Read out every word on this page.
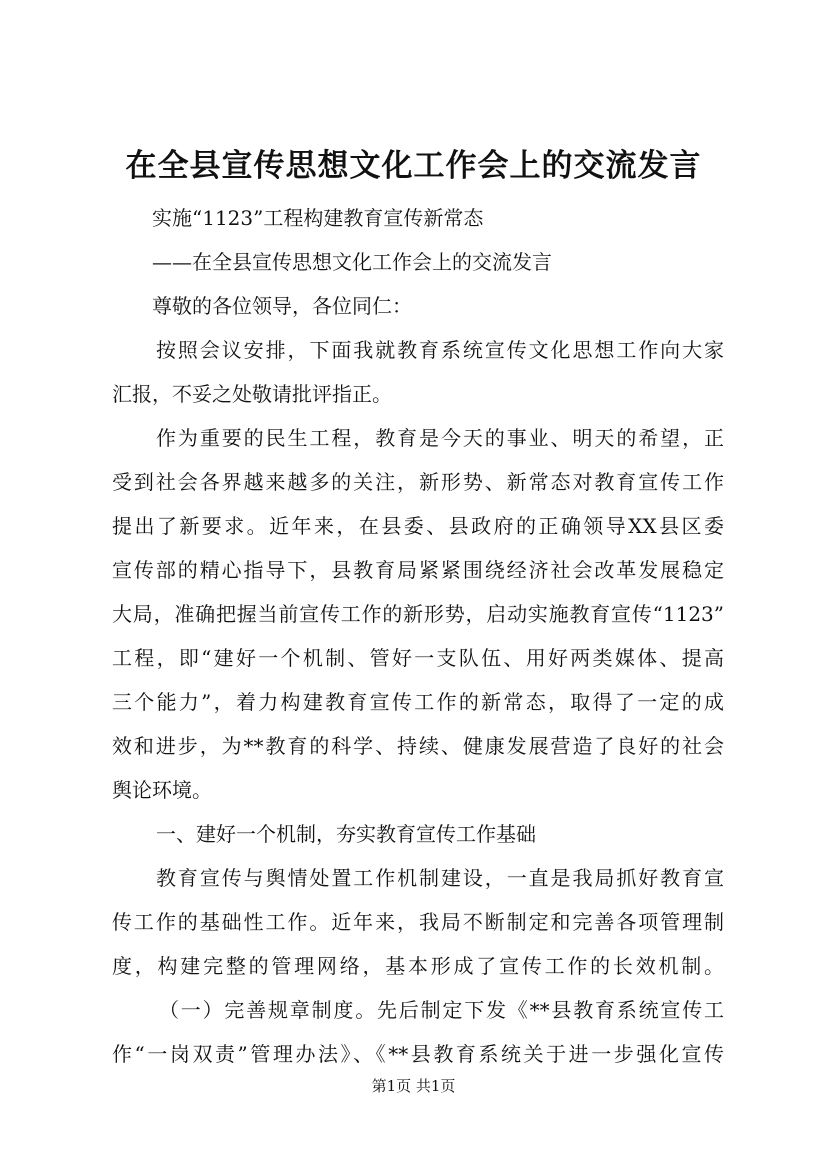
在全县宣传思想文化工作会上的交流发言

实施“1123”工程构建教育宣传新常态

——在全县宣传思想文化工作会上的交流发言

尊敬的各位领导，各位同仁：

按照会议安排，下面我就教育系统宣传文化思想工作向大家

汇报，不妥之处敬请批评指正。

作为重要的民生工程，教育是今天的事业、明天的希望，正

受到社会各界越来越多的关注，新形势、新常态对教育宣传工作

提出了新要求。近年来，在县委、县政府的正确领导XX县区委

宣传部的精心指导下，县教育局紧紧围绕经济社会改革发展稳定

大局，准确把握当前宣传工作的新形势，启动实施教育宣传“1123”

工程，即“建好一个机制、管好一支队伍、用好两类媒体、提高

三个能力”，着力构建教育宣传工作的新常态，取得了一定的成

效和进步，为**教育的科学、持续、健康发展营造了良好的社会

舆论环境。

一、建好一个机制，夯实教育宣传工作基础

教育宣传与舆情处置工作机制建设，一直是我局抓好教育宣

传工作的基础性工作。近年来，我局不断制定和完善各项管理制

度，构建完整的管理网络，基本形成了宣传工作的长效机制。

（一）完善规章制度。先后制定下发《**县教育系统宣传工

作“一岗双责”管理办法》、《**县教育系统关于进一步强化宣传

第1页 共1页
